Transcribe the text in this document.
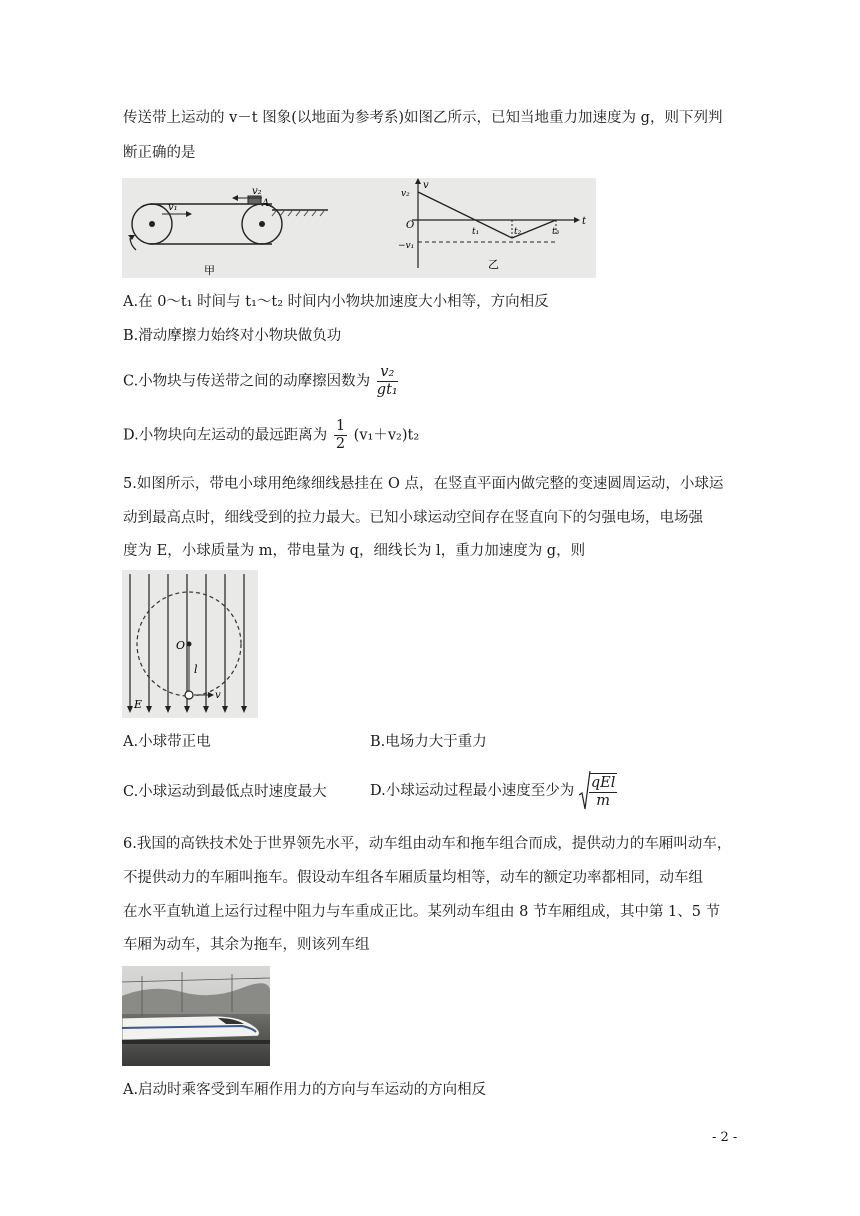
传送带上运动的 v－t 图象(以地面为参考系)如图乙所示，已知当地重力加速度为 g，则下列判
断正确的是
v₁
v₂
A
甲
v
v₂
O
−v₁
t₁	t₂	t₃
t
乙
A.在 0～t₁ 时间与 t₁～t₂ 时间内小物块加速度大小相等，方向相反
B.滑动摩擦力始终对小物块做负功
C.小物块与传送带之间的动摩擦因数为 $\frac{\text{v₂}}{\text{gt₁}}$
D.小物块向左运动的最远距离为 $\frac{1}{2} (v_1+v_2)t_2$
5.如图所示，带电小球用绝缘细线悬挂在 O 点，在竖直平面内做完整的变速圆周运动，小球运
动到最高点时，细线受到的拉力最大。已知小球运动空间存在竖直向下的匀强电场，电场强
度为 E，小球质量为 m，带电量为 q，细线长为 l，重力加速度为 g，则
O
l
E
v
A.小球带正电	B.电场力大于重力
C.小球运动到最低点时速度最大	D.小球运动过程最小速度至少为 $\frac{\text{qEl}}{m}$
6.我国的高铁技术处于世界领先水平，动车组由动车和拖车组合而成，提供动力的车厢叫动车，
不提供动力的车厢叫拖车。假设动车组各车厢质量均相等，动车的额定功率都相同，动车组
在水平直轨道上运行过程中阻力与车重成正比。某列动车组由 8 节车厢组成，其中第 1、5 节
车厢为动车，其余为拖车，则该列车组
A.启动时乘客受到车厢作用力的方向与车运动的方向相反
- 2 -
